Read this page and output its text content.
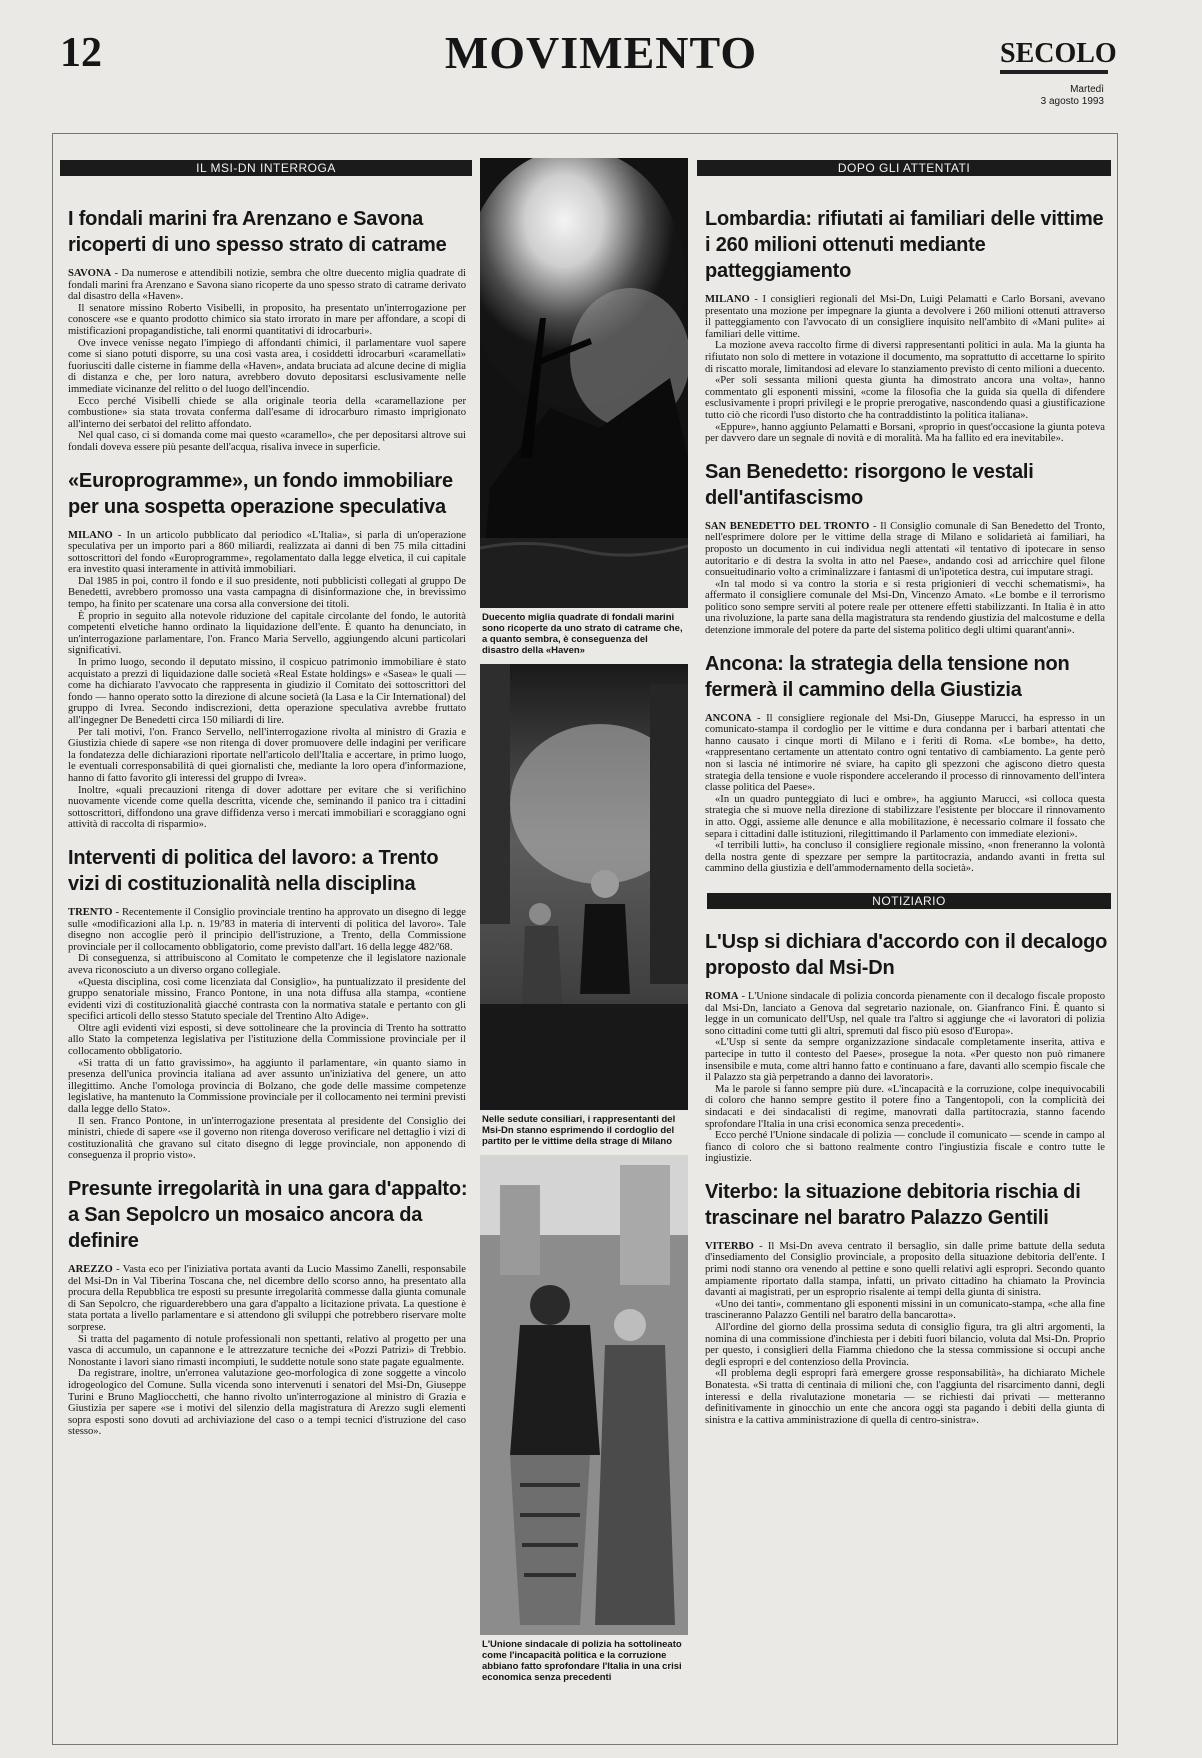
12	MOVIMENTO	SECOLO
Martedì
3 agosto 1993
IL MSI-DN INTERROGA
I fondali marini fra Arenzano e Savona ricoperti di uno spesso strato di catrame

SAVONA - Da numerose e attendibili notizie, sembra che oltre duecento miglia quadrate di fondali marini fra Arenzano e Savona siano ricoperte da uno spesso strato di catrame derivato dal disastro della «Haven».

Il senatore missino Roberto Visibelli, in proposito, ha presentato un'interrogazione per conoscere «se e quanto prodotto chimico sia stato irrorato in mare per affondare, a scopi di mistificazioni propagandistiche, tali enormi quantitativi di idrocarburi».

Ove invece venisse negato l'impiego di affondanti chimici, il parlamentare vuol sapere come si siano potuti disporre, su una così vasta area, i cosiddetti idrocarburi «caramellati» fuoriusciti dalle cisterne in fiamme della «Haven», andata bruciata ad alcune decine di miglia di distanza e che, per loro natura, avrebbero dovuto depositarsi esclusivamente nelle immediate vicinanze del relitto o del luogo dell'incendio.

Ecco perché Visibelli chiede se alla originale teoria della «caramellazione per combustione» sia stata trovata conferma dall'esame di idrocarburo rimasto imprigionato all'interno dei serbatoi del relitto affondato.

Nel qual caso, ci si domanda come mai questo «caramello», che per depositarsi altrove sui fondali doveva essere più pesante dell'acqua, risaliva invece in superficie.

«Europrogramme», un fondo immobiliare per una sospetta operazione speculativa

MILANO - In un articolo pubblicato dal periodico «L'Italia», si parla di un'operazione speculativa per un importo pari a 860 miliardi, realizzata ai danni di ben 75 mila cittadini sottoscrittori del fondo «Europrogramme», regolamentato dalla legge elvetica, il cui capitale era investito quasi interamente in attività immobiliari.

Dal 1985 in poi, contro il fondo e il suo presidente, noti pubblicisti collegati al gruppo De Benedetti, avrebbero promosso una vasta campagna di disinformazione che, in brevissimo tempo, ha finito per scatenare una corsa alla conversione dei titoli.

È proprio in seguito alla notevole riduzione del capitale circolante del fondo, le autorità competenti elvetiche hanno ordinato la liquidazione dell'ente. È quanto ha denunciato, in un'interrogazione parlamentare, l'on. Franco Maria Servello, aggiungendo alcuni particolari significativi.

In primo luogo, secondo il deputato missino, il cospicuo patrimonio immobiliare è stato acquistato a prezzi di liquidazione dalle società «Real Estate holdings» e «Sasea» le quali — come ha dichiarato l'avvocato che rappresenta in giudizio il Comitato dei sottoscrittori del fondo — hanno operato sotto la direzione di alcune società (la Lasa e la Cir International) del gruppo di Ivrea. Secondo indiscrezioni, detta operazione speculativa avrebbe fruttato all'ingegner De Benedetti circa 150 miliardi di lire.

Per tali motivi, l'on. Franco Servello, nell'interrogazione rivolta al ministro di Grazia e Giustizia chiede di sapere «se non ritenga di dover promuovere delle indagini per verificare la fondatezza delle dichiarazioni riportate nell'articolo dell'Italia e accertare, in primo luogo, le eventuali corresponsabilità di quei giornalisti che, mediante la loro opera d'informazione, hanno di fatto favorito gli interessi del gruppo di Ivrea».

Inoltre, «quali precauzioni ritenga di dover adottare per evitare che si verifichino nuovamente vicende come quella descritta, vicende che, seminando il panico tra i cittadini sottoscrittori, diffondono una grave diffidenza verso i mercati immobiliari e scoraggiano ogni attività di raccolta di risparmio».

Interventi di politica del lavoro: a Trento vizi di costituzionalità nella disciplina

TRENTO - Recentemente il Consiglio provinciale trentino ha approvato un disegno di legge sulle «modificazioni alla l.p. n. 19/'83 in materia di interventi di politica del lavoro». Tale disegno non accoglie però il principio dell'istruzione, a Trento, della Commissione provinciale per il collocamento obbligatorio, come previsto dall'art. 16 della legge 482/'68.

Di conseguenza, si attribuiscono al Comitato le competenze che il legislatore nazionale aveva riconosciuto a un diverso organo collegiale.

«Questa disciplina, così come licenziata dal Consiglio», ha puntualizzato il presidente del gruppo senatoriale missino, Franco Pontone, in una nota diffusa alla stampa, «contiene evidenti vizi di costituzionalità giacché contrasta con la normativa statale e pertanto con gli specifici articoli dello stesso Statuto speciale del Trentino Alto Adige».

Oltre agli evidenti vizi esposti, si deve sottolineare che la provincia di Trento ha sottratto allo Stato la competenza legislativa per l'istituzione della Commissione provinciale per il collocamento obbligatorio.

«Si tratta di un fatto gravissimo», ha aggiunto il parlamentare, «in quanto siamo in presenza dell'unica provincia italiana ad aver assunto un'iniziativa del genere, un atto illegittimo. Anche l'omologa provincia di Bolzano, che gode delle massime competenze legislative, ha mantenuto la Commissione provinciale per il collocamento nei termini previsti dalla legge dello Stato».

Il sen. Franco Pontone, in un'interrogazione presentata al presidente del Consiglio dei ministri, chiede di sapere «se il governo non ritenga doveroso verificare nel dettaglio i vizi di costituzionalità che gravano sul citato disegno di legge provinciale, non apponendo di conseguenza il proprio visto».

Presunte irregolarità in una gara d'appalto: a San Sepolcro un mosaico ancora da definire

AREZZO - Vasta eco per l'iniziativa portata avanti da Lucio Massimo Zanelli, responsabile del Msi-Dn in Val Tiberina Toscana che, nel dicembre dello scorso anno, ha presentato alla procura della Repubblica tre esposti su presunte irregolarità commesse dalla giunta comunale di San Sepolcro, che riguarderebbero una gara d'appalto a licitazione privata. La questione è stata portata a livello parlamentare e si attendono gli sviluppi che potrebbero riservare molte sorprese.

Si tratta del pagamento di notule professionali non spettanti, relativo al progetto per una vasca di accumulo, un capannone e le attrezzature tecniche dei «Pozzi Patrizi» di Trebbio. Nonostante i lavori siano rimasti incompiuti, le suddette notule sono state pagate egualmente.

Da registrare, inoltre, un'erronea valutazione geo-morfologica di zone soggette a vincolo idrogeologico del Comune. Sulla vicenda sono intervenuti i senatori del Msi-Dn, Giuseppe Turini e Bruno Magliocchetti, che hanno rivolto un'interrogazione al ministro di Grazia e Giustizia per sapere «se i motivi del silenzio della magistratura di Arezzo sugli elementi sopra esposti sono dovuti ad archiviazione del caso o a tempi tecnici d'istruzione del caso stesso».

Duecento miglia quadrate di fondali marini sono ricoperte da uno strato di catrame che, a quanto sembra, è conseguenza del disastro della «Haven»
Nelle sedute consiliari, i rappresentanti del Msi-Dn stanno esprimendo il cordoglio del partito per le vittime della strage di Milano
L'Unione sindacale di polizia ha sottolineato come l'incapacità politica e la corruzione abbiano fatto sprofondare l'Italia in una crisi economica senza precedenti
DOPO GLI ATTENTATI
Lombardia: rifiutati ai familiari delle vittime i 260 milioni ottenuti mediante patteggiamento

MILANO - I consiglieri regionali del Msi-Dn, Luigi Pelamatti e Carlo Borsani, avevano presentato una mozione per impegnare la giunta a devolvere i 260 milioni ottenuti attraverso il patteggiamento con l'avvocato di un consigliere inquisito nell'ambito di «Mani pulite» ai familiari delle vittime.

La mozione aveva raccolto firme di diversi rappresentanti politici in aula. Ma la giunta ha rifiutato non solo di mettere in votazione il documento, ma soprattutto di accettarne lo spirito di riscatto morale, limitandosi ad elevare lo stanziamento previsto di cento milioni a duecento.

«Per soli sessanta milioni questa giunta ha dimostrato ancora una volta», hanno commentato gli esponenti missini, «come la filosofia che la guida sia quella di difendere esclusivamente i propri privilegi e le proprie prerogative, nascondendo quasi a giustificazione tutto ciò che ricordi l'uso distorto che ha contraddistinto la politica italiana».

«Eppure», hanno aggiunto Pelamatti e Borsani, «proprio in quest'occasione la giunta poteva per davvero dare un segnale di novità e di moralità. Ma ha fallito ed era inevitabile».

San Benedetto: risorgono le vestali dell'antifascismo

SAN BENEDETTO DEL TRONTO - Il Consiglio comunale di San Benedetto del Tronto, nell'esprimere dolore per le vittime della strage di Milano e solidarietà ai familiari, ha proposto un documento in cui individua negli attentati «il tentativo di ipotecare in senso autoritario e di destra la svolta in atto nel Paese», andando così ad arricchire quel filone consueitudinario volto a criminalizzare i fantasmi di un'ipotetica destra, cui imputare stragi.

«In tal modo si va contro la storia e si resta prigionieri di vecchi schematismi», ha affermato il consigliere comunale del Msi-Dn, Vincenzo Amato. «Le bombe e il terrorismo politico sono sempre serviti al potere reale per ottenere effetti stabilizzanti. In Italia è in atto una rivoluzione, la parte sana della magistratura sta rendendo giustizia del malcostume e della detenzione immorale del potere da parte del sistema politico degli ultimi quarant'anni».

Ancona: la strategia della tensione non fermerà il cammino della Giustizia

ANCONA - Il consigliere regionale del Msi-Dn, Giuseppe Marucci, ha espresso in un comunicato-stampa il cordoglio per le vittime e dura condanna per i barbari attentati che hanno causato i cinque morti di Milano e i feriti di Roma. «Le bombe», ha detto, «rappresentano certamente un attentato contro ogni tentativo di cambiamento. La gente però non si lascia né intimorire né sviare, ha capito gli spezzoni che agiscono dietro questa strategia della tensione e vuole rispondere accelerando il processo di rinnovamento dell'intera classe politica del Paese».

«In un quadro punteggiato di luci e ombre», ha aggiunto Marucci, «si colloca questa strategia che si muove nella direzione di stabilizzare l'esistente per bloccare il rinnovamento in atto. Oggi, assieme alle denunce e alla mobilitazione, è necessario colmare il fossato che separa i cittadini dalle istituzioni, rilegittimando il Parlamento con immediate elezioni».

«I terribili lutti», ha concluso il consigliere regionale missino, «non freneranno la volontà della nostra gente di spezzare per sempre la partitocrazia, andando avanti in fretta sul cammino della giustizia e dell'ammodernamento della società».

NOTIZIARIO
L'Usp si dichiara d'accordo con il decalogo proposto dal Msi-Dn

ROMA - L'Unione sindacale di polizia concorda pienamente con il decalogo fiscale proposto dal Msi-Dn, lanciato a Genova dal segretario nazionale, on. Gianfranco Fini. È quanto si legge in un comunicato dell'Usp, nel quale tra l'altro si aggiunge che «i lavoratori di polizia sono cittadini come tutti gli altri, spremuti dal fisco più esoso d'Europa».

«L'Usp si sente da sempre organizzazione sindacale completamente inserita, attiva e partecipe in tutto il contesto del Paese», prosegue la nota. «Per questo non può rimanere insensibile e muta, come altri hanno fatto e continuano a fare, davanti allo scempio fiscale che il Palazzo sta già perpetrando a danno dei lavoratori».

Ma le parole si fanno sempre più dure. «L'incapacità e la corruzione, colpe inequivocabili di coloro che hanno sempre gestito il potere fino a Tangentopoli, con la complicità dei sindacati e dei sindacalisti di regime, manovrati dalla partitocrazia, stanno facendo sprofondare l'Italia in una crisi economica senza precedenti».

Ecco perché l'Unione sindacale di polizia — conclude il comunicato — scende in campo al fianco di coloro che si battono realmente contro l'ingiustizia fiscale e contro tutte le ingiustizie.

Viterbo: la situazione debitoria rischia di trascinare nel baratro Palazzo Gentili

VITERBO - Il Msi-Dn aveva centrato il bersaglio, sin dalle prime battute della seduta d'insediamento del Consiglio provinciale, a proposito della situazione debitoria dell'ente. I primi nodi stanno ora venendo al pettine e sono quelli relativi agli espropri. Secondo quanto ampiamente riportato dalla stampa, infatti, un privato cittadino ha chiamato la Provincia davanti ai magistrati, per un esproprio risalente ai tempi della giunta di sinistra.

«Uno dei tanti», commentano gli esponenti missini in un comunicato-stampa, «che alla fine trascineranno Palazzo Gentili nel baratro della bancarotta».

All'ordine del giorno della prossima seduta di consiglio figura, tra gli altri argomenti, la nomina di una commissione d'inchiesta per i debiti fuori bilancio, voluta dal Msi-Dn. Proprio per questo, i consiglieri della Fiamma chiedono che la stessa commissione si occupi anche degli espropri e del contenzioso della Provincia.

«Il problema degli espropri farà emergere grosse responsabilità», ha dichiarato Michele Bonatesta. «Si tratta di centinaia di milioni che, con l'aggiunta del risarcimento danni, degli interessi e della rivalutazione monetaria — se richiesti dai privati — metteranno definitivamente in ginocchio un ente che ancora oggi sta pagando i debiti della giunta di sinistra e la cattiva amministrazione di quella di centro-sinistra».
